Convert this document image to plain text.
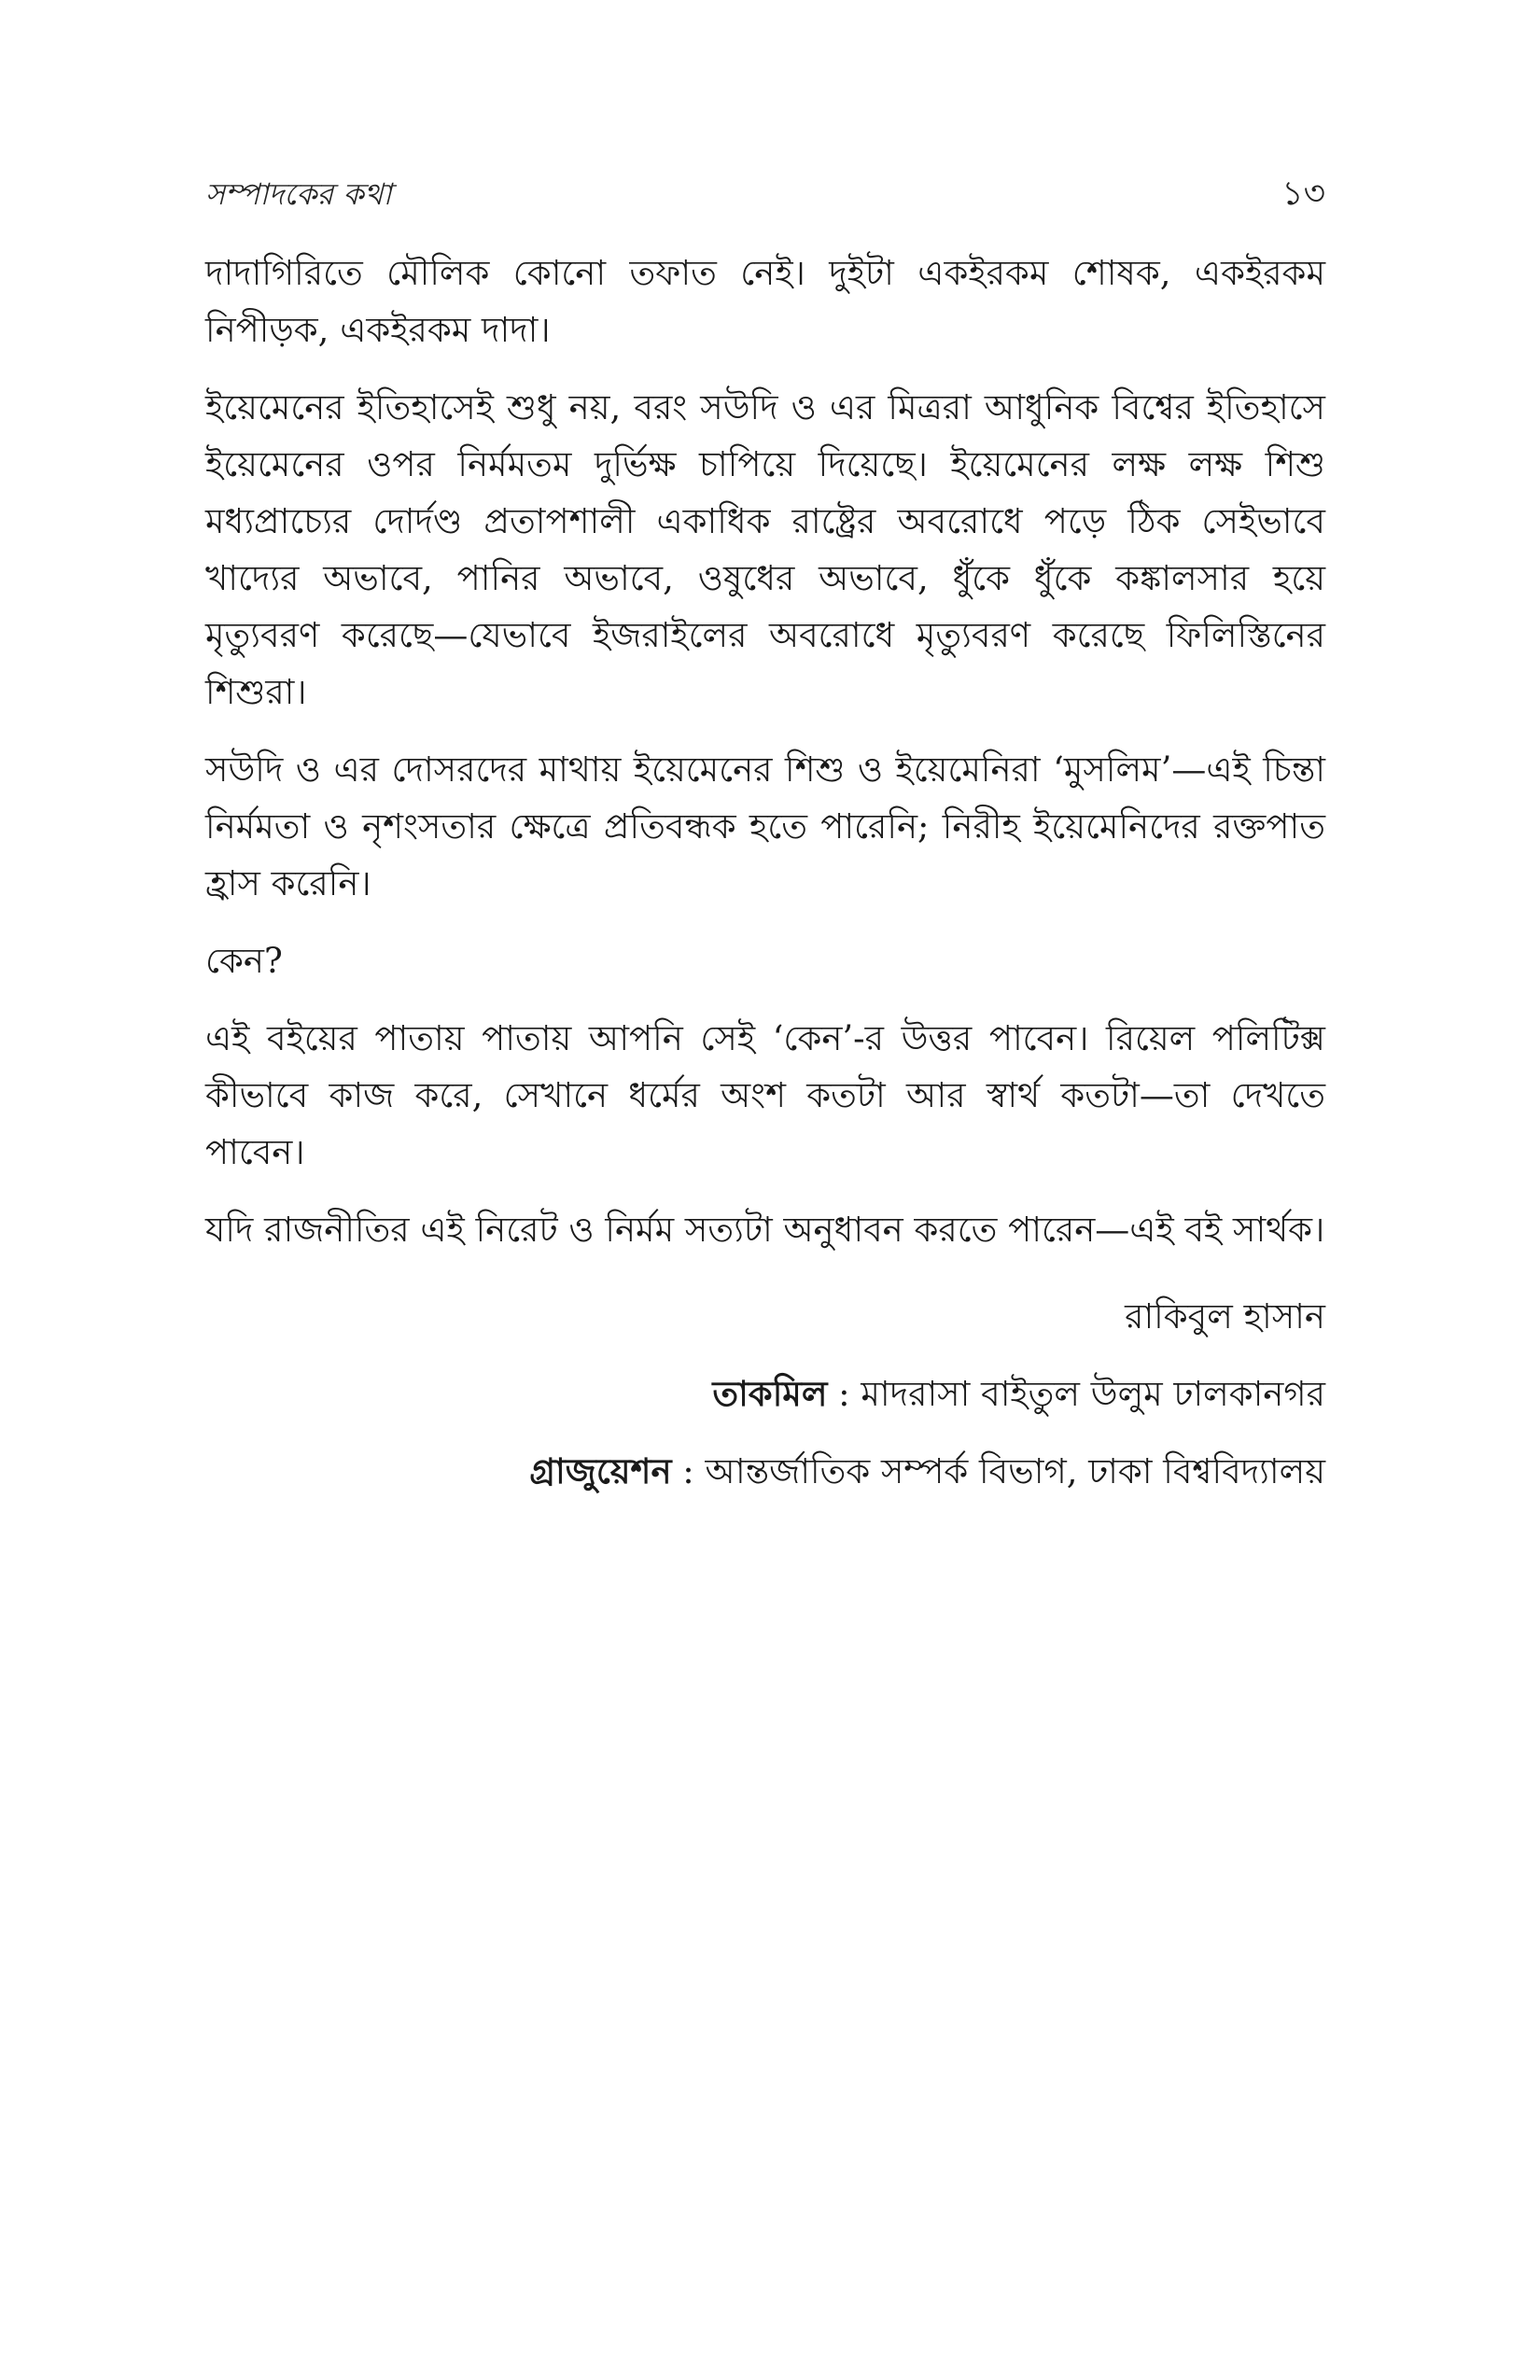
সম্পাদকের কথা	১৩

দাদাগিরিতে মৌলিক কোনো তফাত নেই। দুইটা একইরকম শোষক, একইরকম নিপীড়ক, একইরকম দাদা।

ইয়েমেনের ইতিহাসেই শুধু নয়, বরং সউদি ও এর মিত্ররা আধুনিক বিশ্বের ইতিহাসে ইয়েমেনের ওপর নির্মমতম দুর্ভিক্ষ চাপিয়ে দিয়েছে। ইয়েমেনের লক্ষ লক্ষ শিশু মধ্যপ্রাচ্যের দোর্দণ্ড প্রতাপশালী একাধিক রাষ্ট্রের অবরোধে পড়ে ঠিক সেইভাবে খাদ্যের অভাবে, পানির অভাবে, ওষুধের অভাবে, ধুঁকে ধুঁকে কঙ্কালসার হয়ে মৃত্যুবরণ করেছে—যেভাবে ইজরাইলের অবরোধে মৃত্যুবরণ করেছে ফিলিস্তিনের শিশুরা।

সউদি ও এর দোসরদের মাথায় ইয়েমেনের শিশু ও ইয়েমেনিরা ‘মুসলিম’—এই চিন্তা নির্মমতা ও নৃশংসতার ক্ষেত্রে প্রতিবন্ধক হতে পারেনি; নিরীহ ইয়েমেনিদের রক্তপাত হ্রাস করেনি।

কেন?

এই বইয়ের পাতায় পাতায় আপনি সেই ‘কেন’-র উত্তর পাবেন। রিয়েল পলিটিক্স কীভাবে কাজ করে, সেখানে ধর্মের অংশ কতটা আর স্বার্থ কতটা—তা দেখতে পাবেন।

যদি রাজনীতির এই নিরেট ও নির্মম সত্যটা অনুধাবন করতে পারেন—এই বই সার্থক।

রাকিবুল হাসান
তাকমিল : মাদরাসা বাইতুল উলুম ঢালকানগর
গ্রাজুয়েশন : আন্তর্জাতিক সম্পর্ক বিভাগ, ঢাকা বিশ্ববিদ্যালয়
